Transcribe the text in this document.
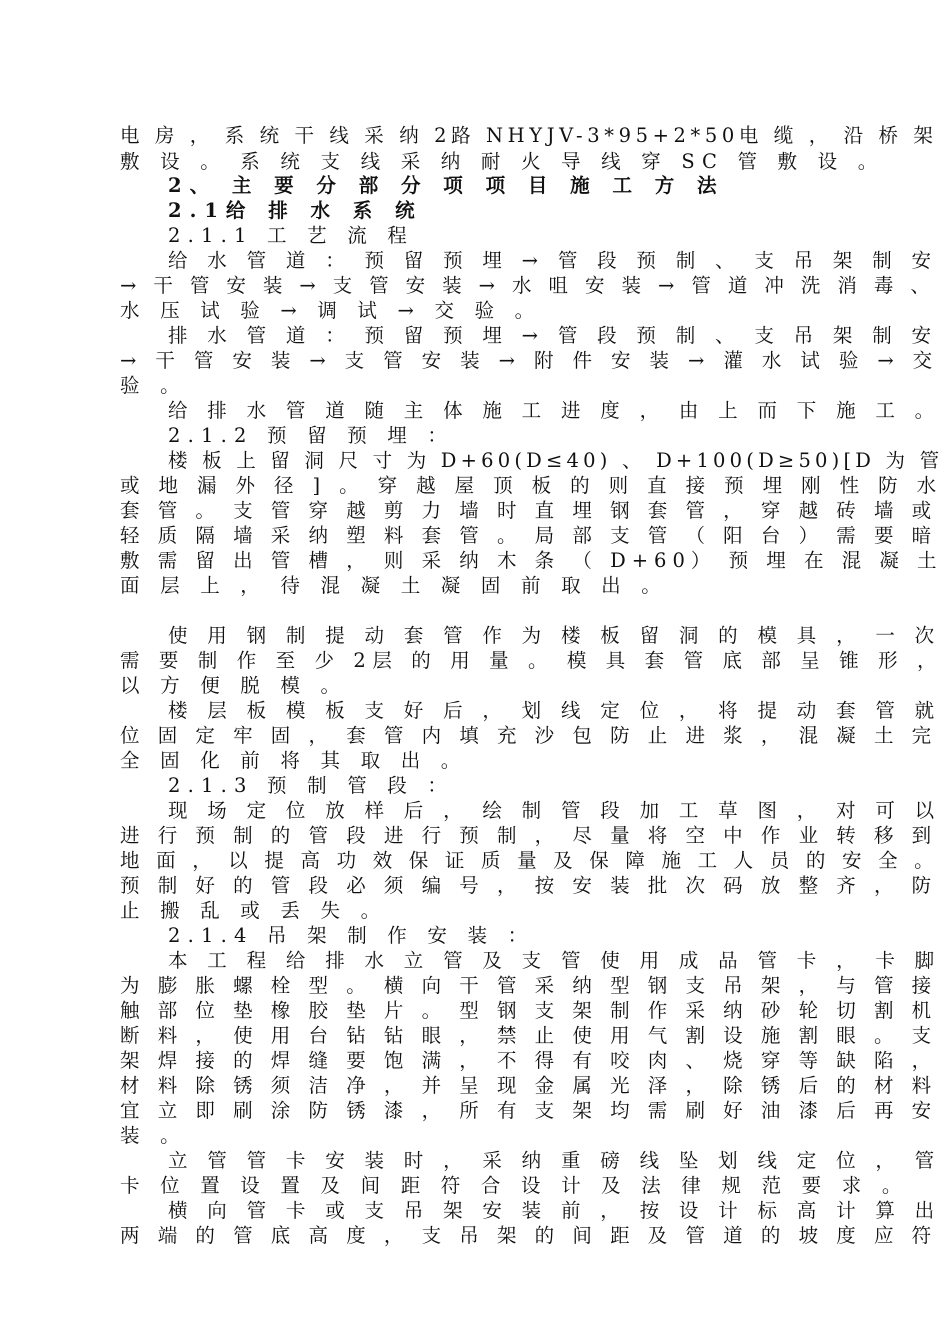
电 房 ， 系 统 干 线 采 纳 2路 NHYJV-3*95+2*50电 缆 ， 沿 桥 架

敷 设 。 系 统 支 线 采 纳 耐 火 导 线 穿 SC 管 敷 设 。

2、 主 要 分 部 分 项 项 目 施 工 方 法

2.1给 排 水 系 统

2.1.1 工 艺 流 程

给 水 管 道 ： 预 留 预 埋 → 管 段 预 制 、 支 吊 架 制 安

→ 干 管 安 装 → 支 管 安 装 → 水 咀 安 装 → 管 道 冲 洗 消 毒 、

水 压 试 验 → 调 试 → 交 验 。

排 水 管 道 ： 预 留 预 埋 → 管 段 预 制 、 支 吊 架 制 安

→ 干 管 安 装 → 支 管 安 装 → 附 件 安 装 → 灌 水 试 验 → 交

验 。

给 排 水 管 道 随 主 体 施 工 进 度 ， 由 上 而 下 施 工 。

2.1.2 预 留 预 埋 ：

楼 板 上 留 洞 尺 寸 为 D+60(D≤40) 、 D+100(D≥50)[D 为 管

或 地 漏 外 径 ] 。 穿 越 屋 顶 板 的 则 直 接 预 埋 刚 性 防 水

套 管 。 支 管 穿 越 剪 力 墙 时 直 埋 钢 套 管 ， 穿 越 砖 墙 或

轻 质 隔 墙 采 纳 塑 料 套 管 。 局 部 支 管 （ 阳 台 ） 需 要 暗

敷 需 留 出 管 槽 ， 则 采 纳 木 条 （ D+60） 预 埋 在 混 凝 土

面 层 上 ， 待 混 凝 土 凝 固 前 取 出 。

使 用 钢 制 提 动 套 管 作 为 楼 板 留 洞 的 模 具 ， 一 次

需 要 制 作 至 少 2层 的 用 量 。 模 具 套 管 底 部 呈 锥 形 ，

以 方 便 脱 模 。

楼 层 板 模 板 支 好 后 ， 划 线 定 位 ， 将 提 动 套 管 就

位 固 定 牢 固 ， 套 管 内 填 充 沙 包 防 止 进 浆 ， 混 凝 土 完

全 固 化 前 将 其 取 出 。

2.1.3 预 制 管 段 ：

现 场 定 位 放 样 后 ， 绘 制 管 段 加 工 草 图 ， 对 可 以

进 行 预 制 的 管 段 进 行 预 制 ， 尽 量 将 空 中 作 业 转 移 到

地 面 ， 以 提 高 功 效 保 证 质 量 及 保 障 施 工 人 员 的 安 全 。

预 制 好 的 管 段 必 须 编 号 ， 按 安 装 批 次 码 放 整 齐 ， 防

止 搬 乱 或 丢 失 。

2.1.4 吊 架 制 作 安 装 ：

本 工 程 给 排 水 立 管 及 支 管 使 用 成 品 管 卡 ， 卡 脚

为 膨 胀 螺 栓 型 。 横 向 干 管 采 纳 型 钢 支 吊 架 ， 与 管 接

触 部 位 垫 橡 胶 垫 片 。 型 钢 支 架 制 作 采 纳 砂 轮 切 割 机

断 料 ， 使 用 台 钻 钻 眼 ， 禁 止 使 用 气 割 设 施 割 眼 。 支

架 焊 接 的 焊 缝 要 饱 满 ， 不 得 有 咬 肉 、 烧 穿 等 缺 陷 ，

材 料 除 锈 须 洁 净 ， 并 呈 现 金 属 光 泽 ， 除 锈 后 的 材 料

宜 立 即 刷 涂 防 锈 漆 ， 所 有 支 架 均 需 刷 好 油 漆 后 再 安

装 。

立 管 管 卡 安 装 时 ， 采 纳 重 磅 线 坠 划 线 定 位 ， 管

卡 位 置 设 置 及 间 距 符 合 设 计 及 法 律 规 范 要 求 。

横 向 管 卡 或 支 吊 架 安 装 前 ， 按 设 计 标 高 计 算 出

两 端 的 管 底 高 度 ， 支 吊 架 的 间 距 及 管 道 的 坡 度 应 符
